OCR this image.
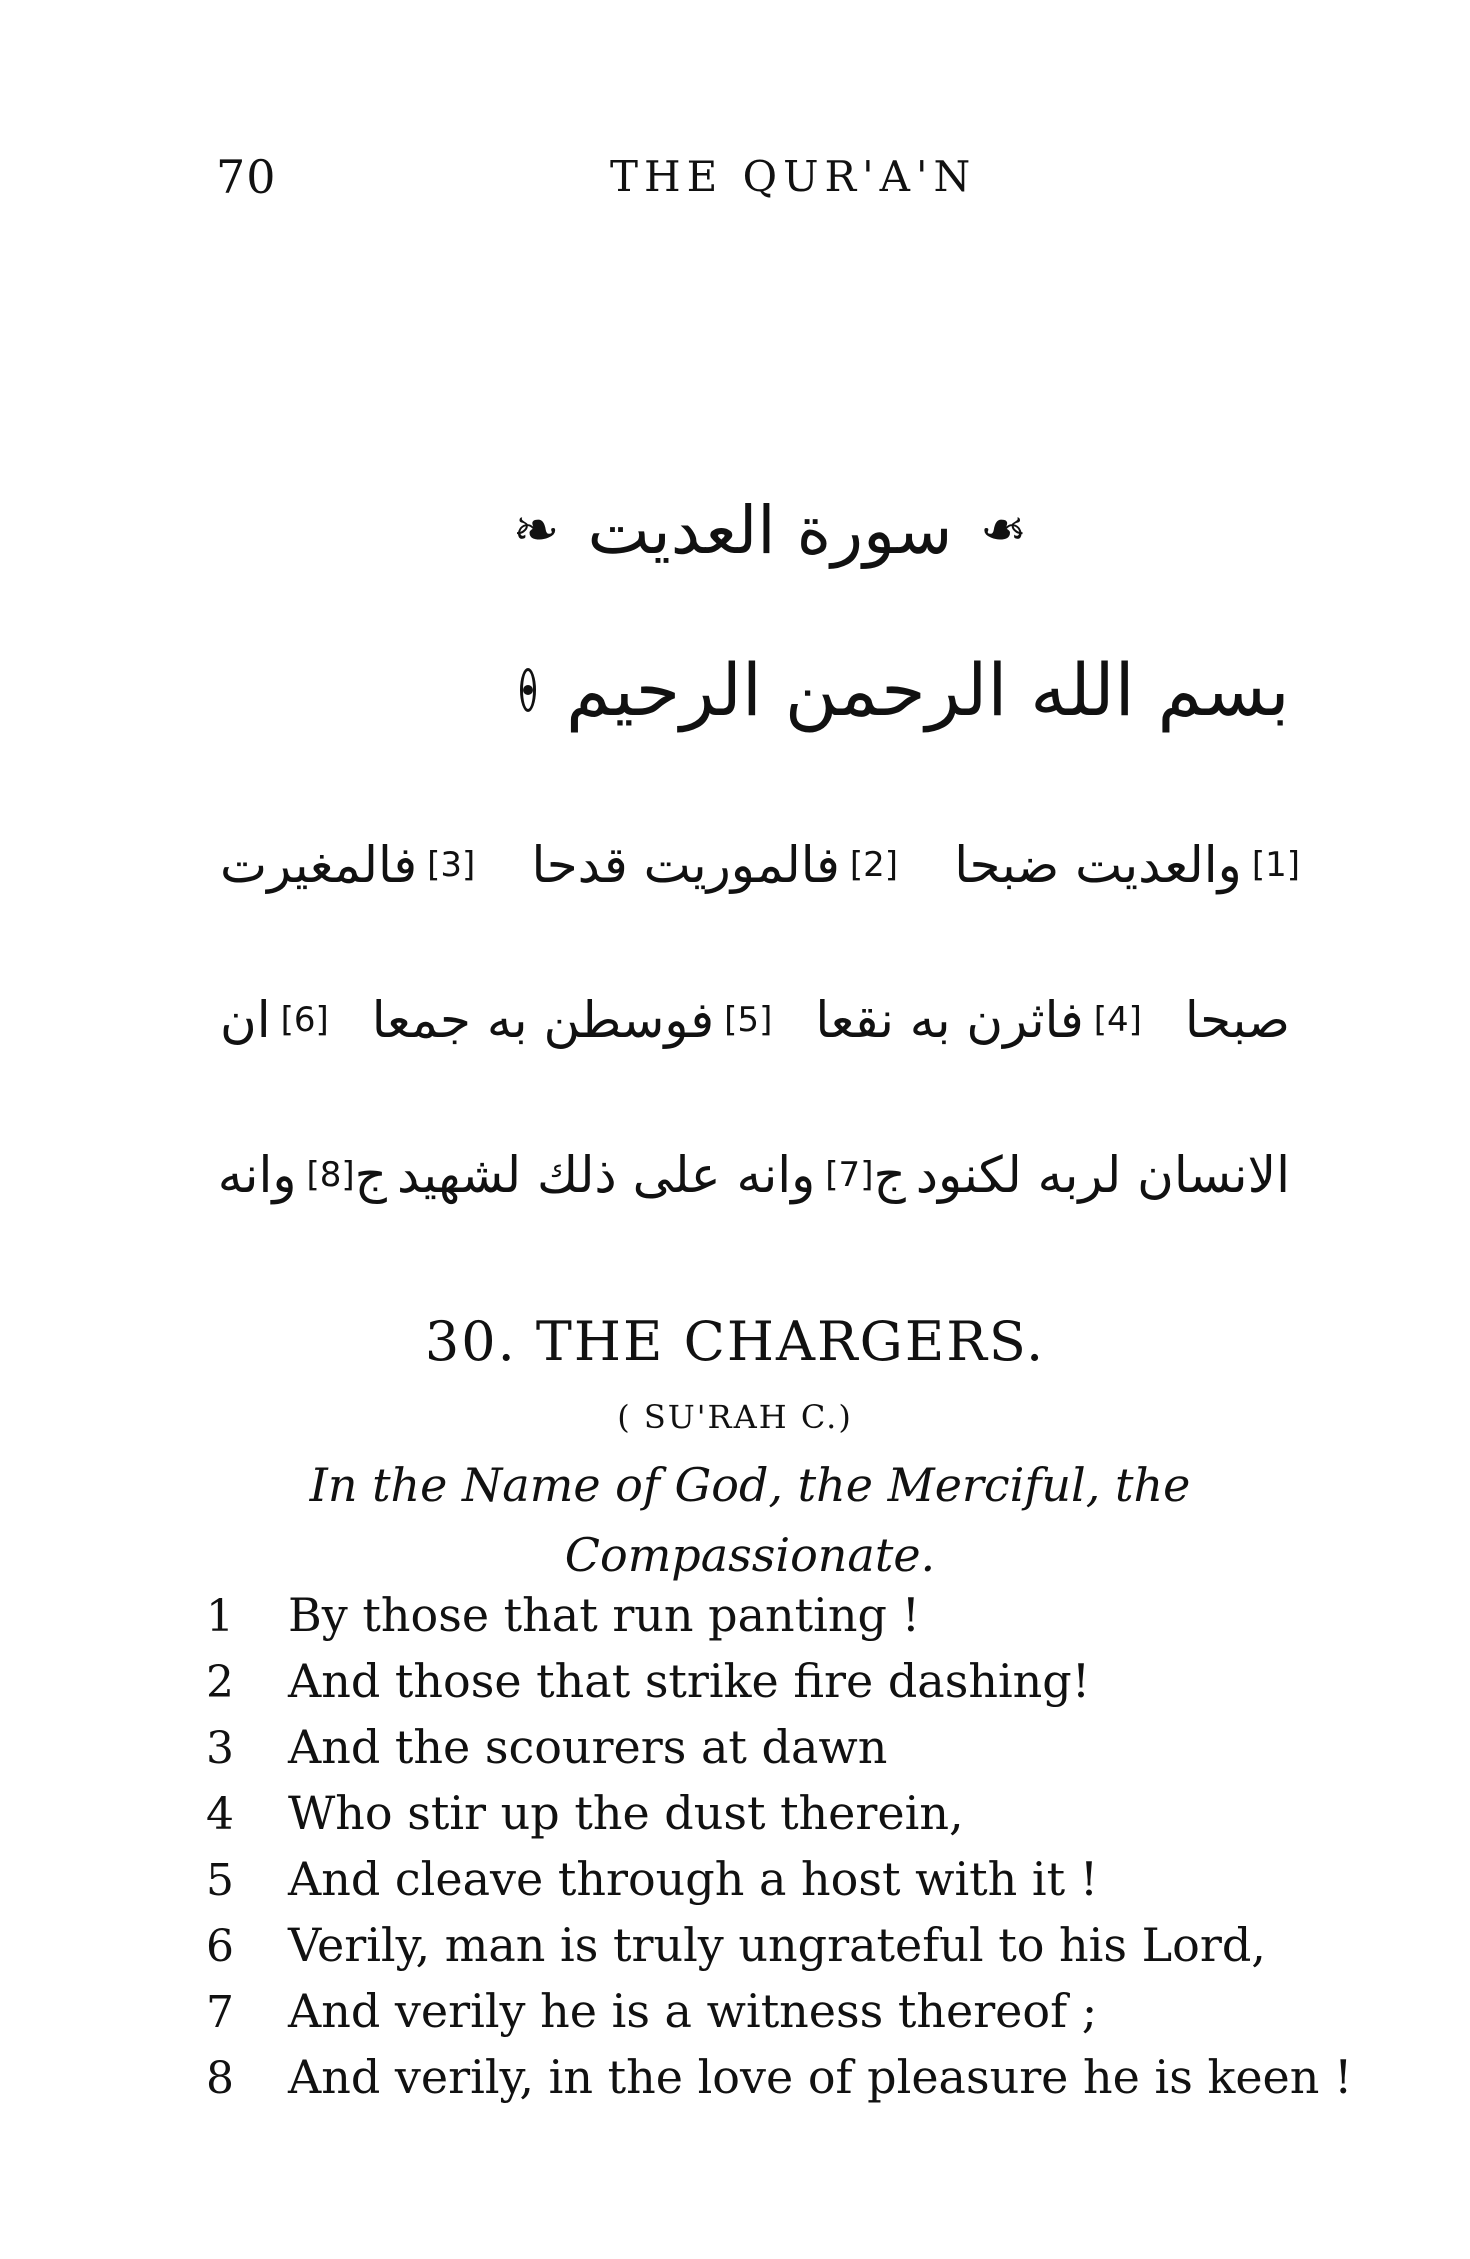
70	THE QUR'A'N
❧ سورة العديت ❧
بسم الله الرحمن الرحيم
[1]
والعديت ضبحا
[2]
فالموريت قدحا
[3]
فالمغيرت
صبحا
[4]
فاثرن به نقعا
[5]
فوسطن به جمعا
[6]
ان
الانسان لربه لكنود
ج
[7]
وانه على ذلك لشهيد
ج
[8]
وانه
30. THE CHARGERS.
( SU'RAH C.)
In the Name of God, the Merciful, the Compassionate.
1	By those that run panting !
2	And those that strike fire dashing!
3	And the scourers at dawn
4	Who stir up the dust therein,
5	And cleave through a host with it !
6	Verily, man is truly ungrateful to his Lord,
7	And verily he is a witness thereof ;
8	And verily, in the love of pleasure he is keen !
